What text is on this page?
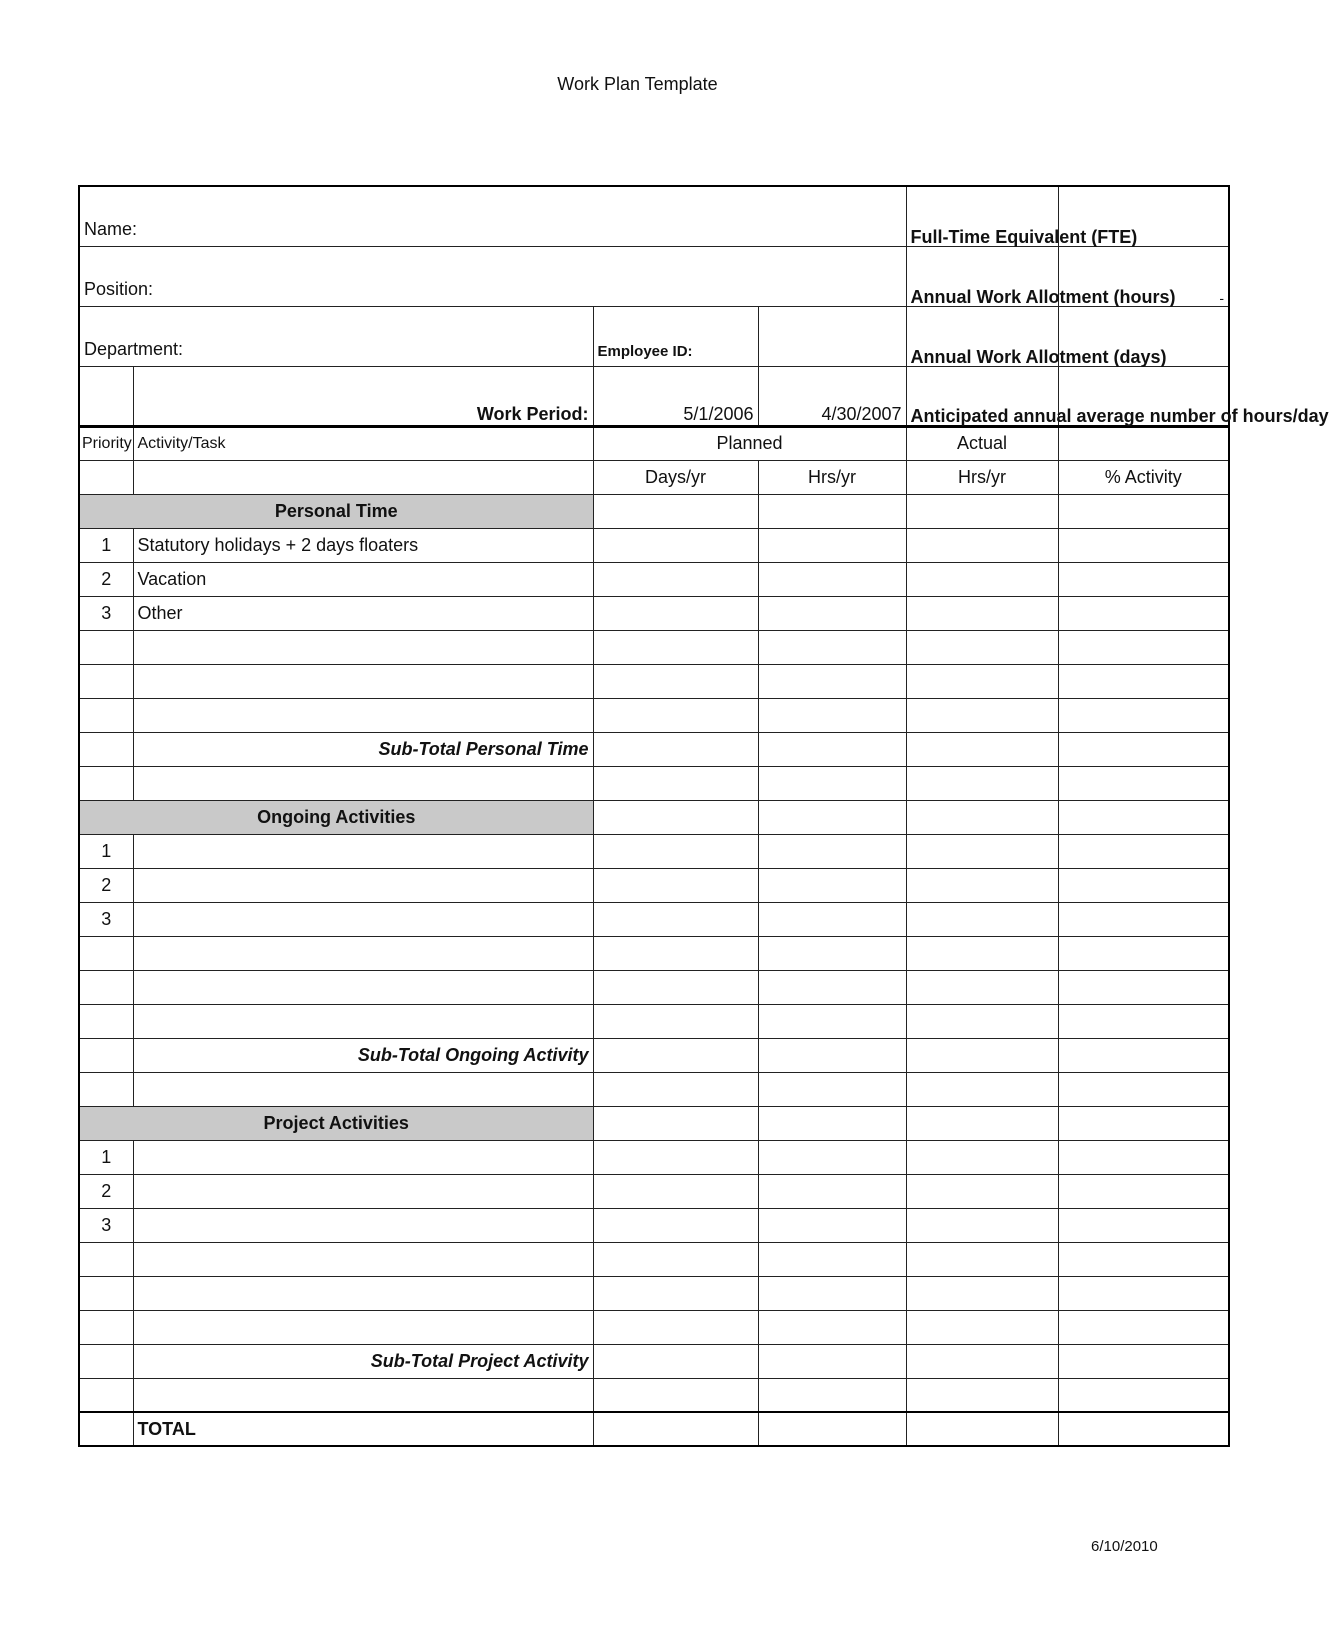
Work Plan Template
Name:				Full-Time Equivalent (FTE)	
Position:				Annual Work Allotment (hours)	-
Department:		Employee ID:		Annual Work Allotment (days)	
	Work Period:	5/1/2006	4/30/2007	Anticipated annual average number of hours/day	
Priority	Activity/Task	Planned		Actual	
		Days/yr	Hrs/yr	Hrs/yr	% Activity
Personal Time					
1	Statutory holidays + 2 days floaters				
2	Vacation				
3	Other				

	Sub-Total Personal Time				

Ongoing Activities					
1					
2					
3					

	Sub-Total Ongoing Activity				

Project Activities					
1					
2					
3					

	Sub-Total Project Activity				

	TOTAL				
6/10/2010
